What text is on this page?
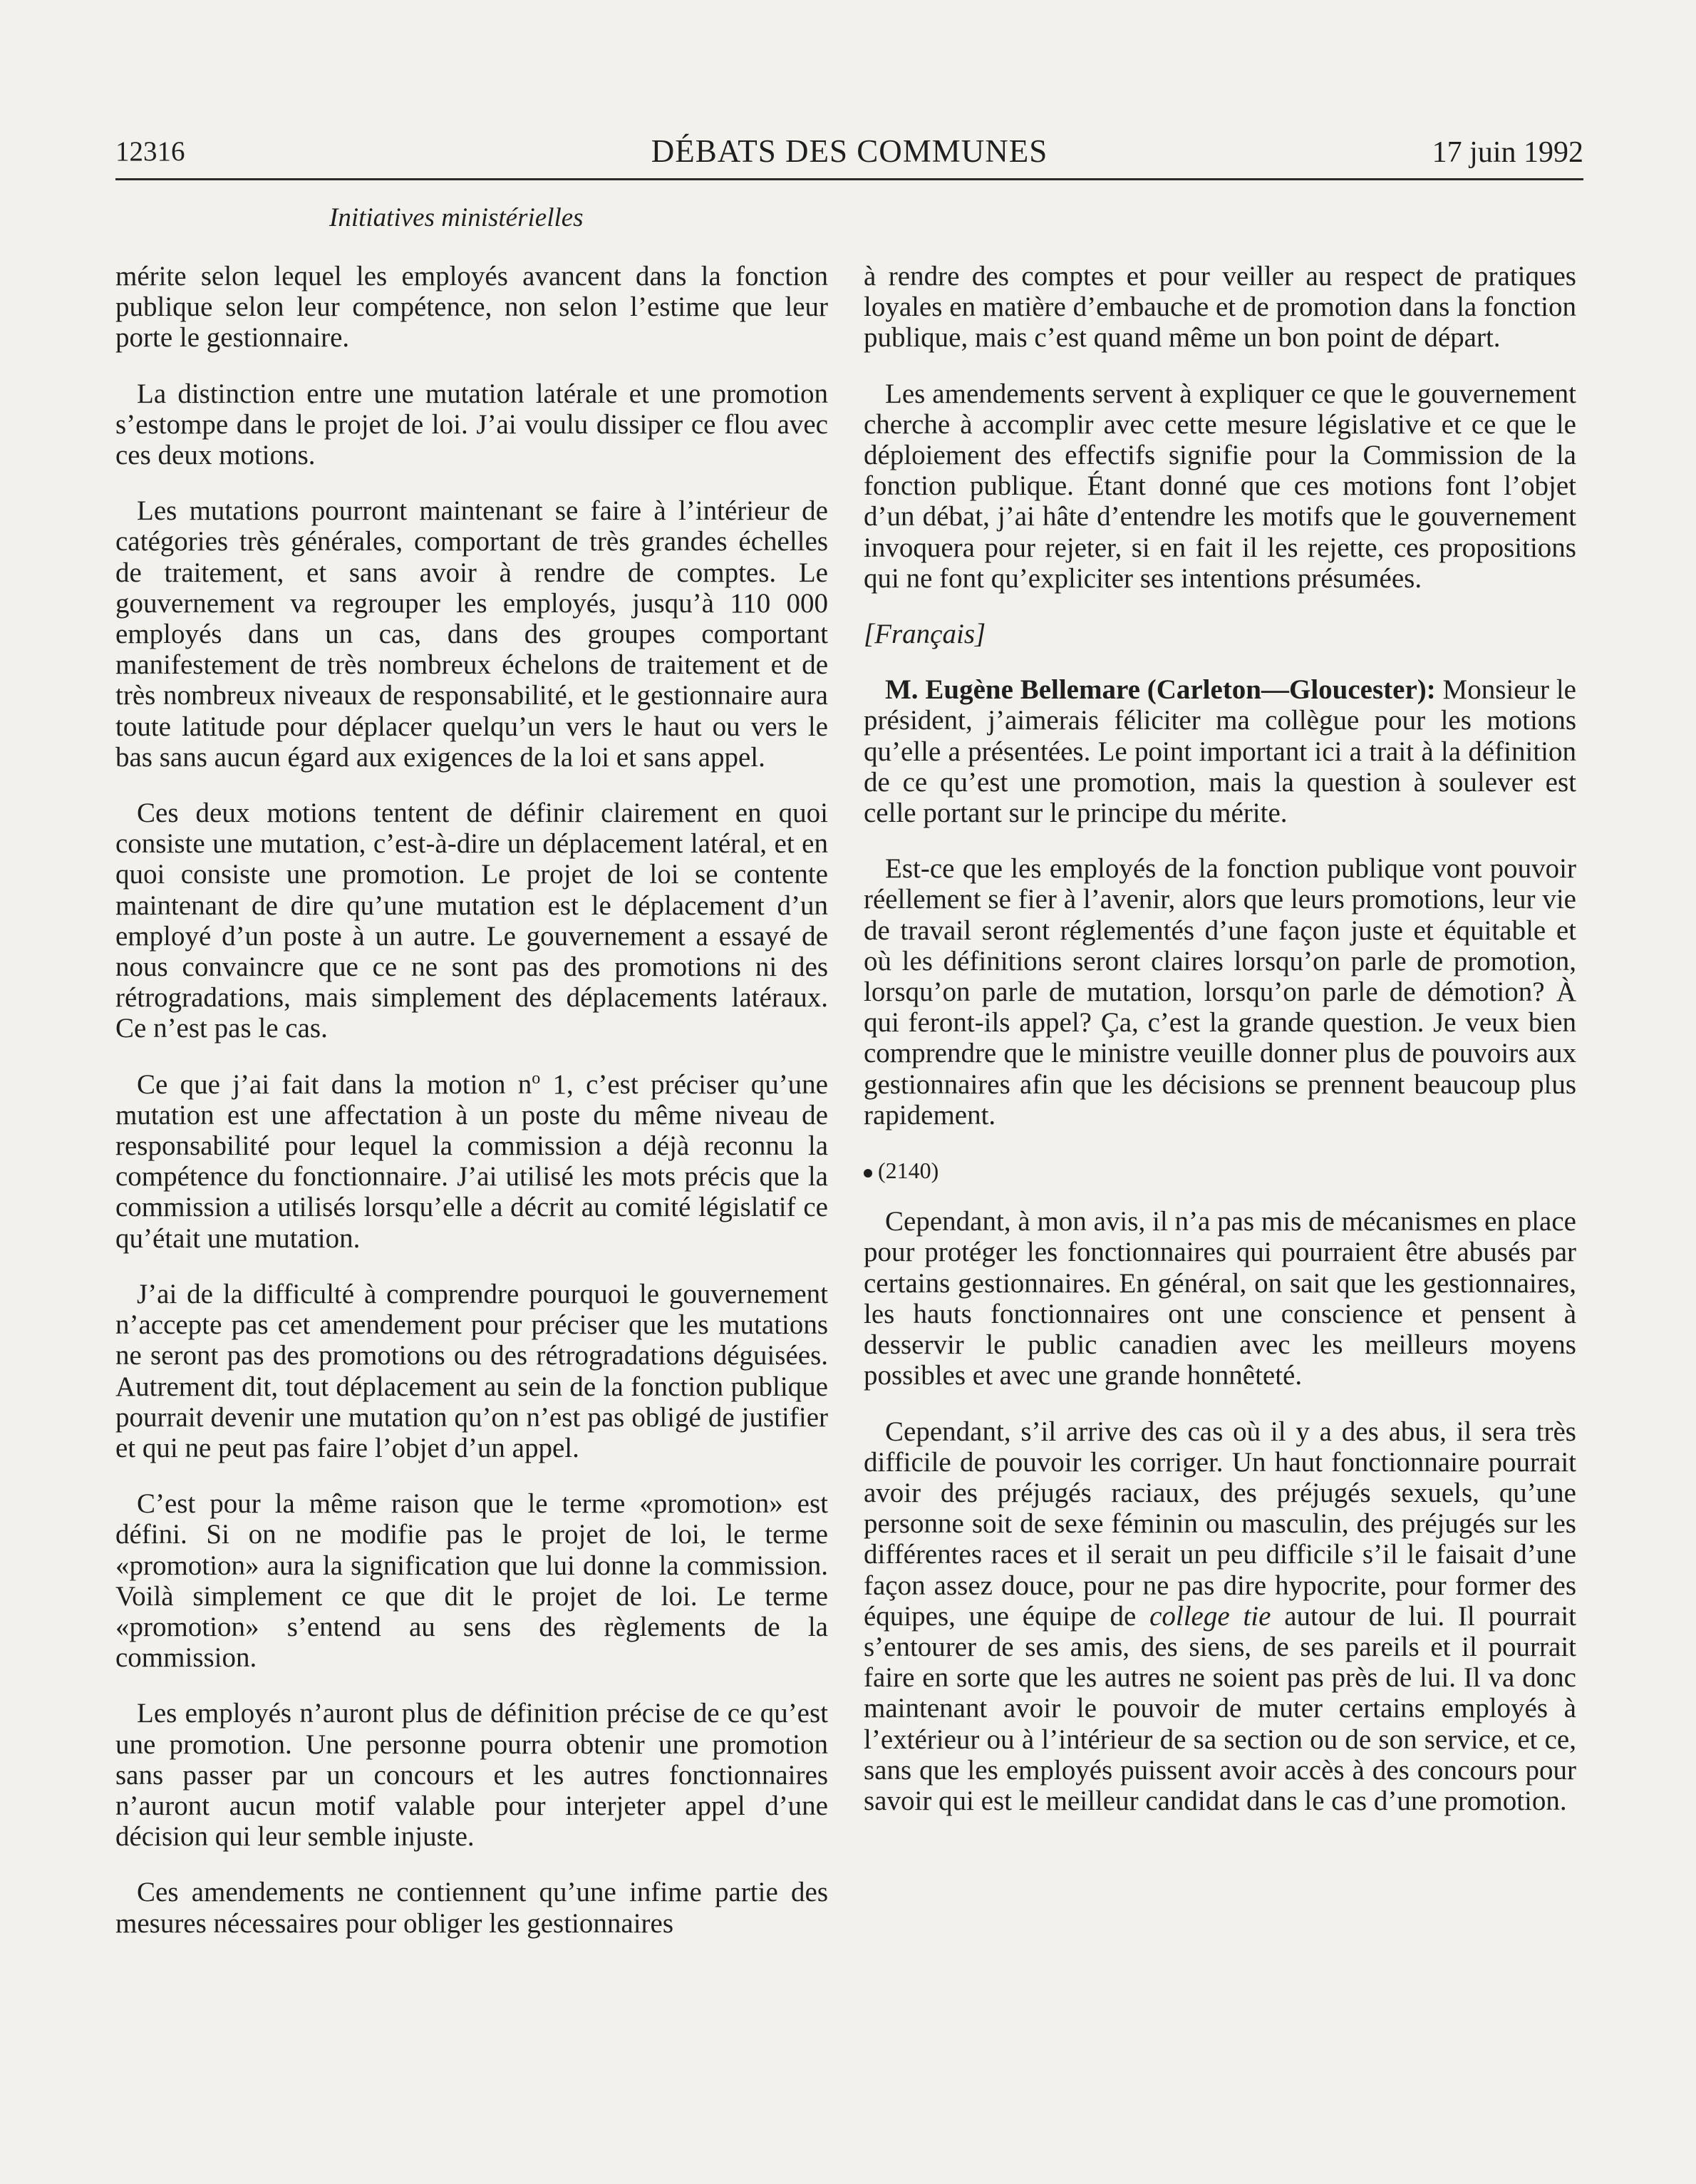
12316	DÉBATS DES COMMUNES	17 juin 1992
Initiatives ministérielles

mérite selon lequel les employés avancent dans la fonction publique selon leur compétence, non selon l’estime que leur porte le gestionnaire.

La distinction entre une mutation latérale et une promotion s’estompe dans le projet de loi. J’ai voulu dissiper ce flou avec ces deux motions.

Les mutations pourront maintenant se faire à l’intérieur de catégories très générales, comportant de très grandes échelles de traitement, et sans avoir à rendre de comptes. Le gouvernement va regrouper les employés, jusqu’à 110 000 employés dans un cas, dans des groupes comportant manifestement de très nombreux échelons de traitement et de très nombreux niveaux de responsabilité, et le gestionnaire aura toute latitude pour déplacer quelqu’un vers le haut ou vers le bas sans aucun égard aux exigences de la loi et sans appel.

Ces deux motions tentent de définir clairement en quoi consiste une mutation, c’est-à-dire un déplacement latéral, et en quoi consiste une promotion. Le projet de loi se contente maintenant de dire qu’une mutation est le déplacement d’un employé d’un poste à un autre. Le gouvernement a essayé de nous convaincre que ce ne sont pas des promotions ni des rétrogradations, mais simplement des déplacements latéraux. Ce n’est pas le cas.

Ce que j’ai fait dans la motion $n^o$ 1, c’est préciser qu’une mutation est une affectation à un poste du même niveau de responsabilité pour lequel la commission a déjà reconnu la compétence du fonctionnaire. J’ai utilisé les mots précis que la commission a utilisés lorsqu’elle a décrit au comité législatif ce qu’était une mutation.

J’ai de la difficulté à comprendre pourquoi le gouvernement n’accepte pas cet amendement pour préciser que les mutations ne seront pas des promotions ou des rétrogradations déguisées. Autrement dit, tout déplacement au sein de la fonction publique pourrait devenir une mutation qu’on n’est pas obligé de justifier et qui ne peut pas faire l’objet d’un appel.

C’est pour la même raison que le terme «promotion» est défini. Si on ne modifie pas le projet de loi, le terme «promotion» aura la signification que lui donne la commission. Voilà simplement ce que dit le projet de loi. Le terme «promotion» s’entend au sens des règlements de la commission.

Les employés n’auront plus de définition précise de ce qu’est une promotion. Une personne pourra obtenir une promotion sans passer par un concours et les autres fonctionnaires n’auront aucun motif valable pour interjeter appel d’une décision qui leur semble injuste.

Ces amendements ne contiennent qu’une infime partie des mesures nécessaires pour obliger les gestionnaires

à rendre des comptes et pour veiller au respect de pratiques loyales en matière d’embauche et de promotion dans la fonction publique, mais c’est quand même un bon point de départ.

Les amendements servent à expliquer ce que le gouvernement cherche à accomplir avec cette mesure législative et ce que le déploiement des effectifs signifie pour la Commission de la fonction publique. Étant donné que ces motions font l’objet d’un débat, j’ai hâte d’entendre les motifs que le gouvernement invoquera pour rejeter, si en fait il les rejette, ces propositions qui ne font qu’expliciter ses intentions présumées.

[Français]

M. Eugène Bellemare (Carleton—Gloucester): Monsieur le président, j’aimerais féliciter ma collègue pour les motions qu’elle a présentées. Le point important ici a trait à la définition de ce qu’est une promotion, mais la question à soulever est celle portant sur le principe du mérite.

Est-ce que les employés de la fonction publique vont pouvoir réellement se fier à l’avenir, alors que leurs promotions, leur vie de travail seront réglementés d’une façon juste et équitable et où les définitions seront claires lorsqu’on parle de promotion, lorsqu’on parle de mutation, lorsqu’on parle de démotion? À qui feront-ils appel? Ça, c’est la grande question. Je veux bien comprendre que le ministre veuille donner plus de pouvoirs aux gestionnaires afin que les décisions se prennent beaucoup plus rapidement.

(2140)

Cependant, à mon avis, il n’a pas mis de mécanismes en place pour protéger les fonctionnaires qui pourraient être abusés par certains gestionnaires. En général, on sait que les gestionnaires, les hauts fonctionnaires ont une conscience et pensent à desservir le public canadien avec les meilleurs moyens possibles et avec une grande honnêteté.

Cependant, s’il arrive des cas où il y a des abus, il sera très difficile de pouvoir les corriger. Un haut fonctionnaire pourrait avoir des préjugés raciaux, des préjugés sexuels, qu’une personne soit de sexe féminin ou masculin, des préjugés sur les différentes races et il serait un peu difficile s’il le faisait d’une façon assez douce, pour ne pas dire hypocrite, pour former des équipes, une équipe de college tie autour de lui. Il pourrait s’entourer de ses amis, des siens, de ses pareils et il pourrait faire en sorte que les autres ne soient pas près de lui. Il va donc maintenant avoir le pouvoir de muter certains employés à l’extérieur ou à l’intérieur de sa section ou de son service, et ce, sans que les employés puissent avoir accès à des concours pour savoir qui est le meilleur candidat dans le cas d’une promotion.
